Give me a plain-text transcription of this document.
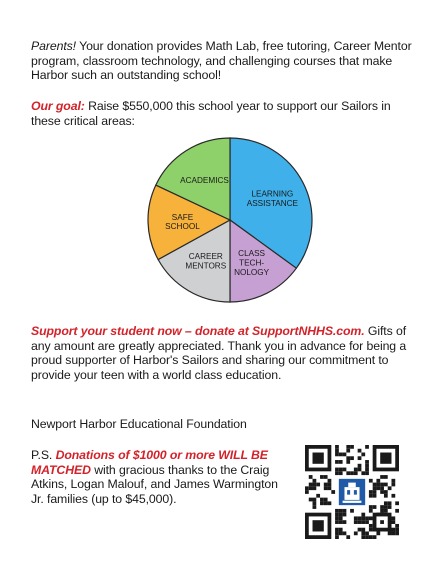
Parents! Your donation provides Math Lab, free tutoring, Career Mentor program, classroom technology, and challenging courses that make Harbor such an outstanding school!
Our goal: Raise $550,000 this school year to support our Sailors in these critical areas:
LEARNING ASSISTANCE
CLASS TECH-NOLOGY
CAREER MENTORS
SAFE SCHOOL
ACADEMICS
Support your student now – donate at SupportNHHS.com. Gifts of any amount are greatly appreciated. Thank you in advance for being a proud supporter of Harbor's Sailors and sharing our commitment to provide your teen with a world class education.
Newport Harbor Educational Foundation
P.S. Donations of $1000 or more WILL BE MATCHED with gracious thanks to the Craig Atkins, Logan Malouf, and James Warmington Jr. families (up to $45,000).
